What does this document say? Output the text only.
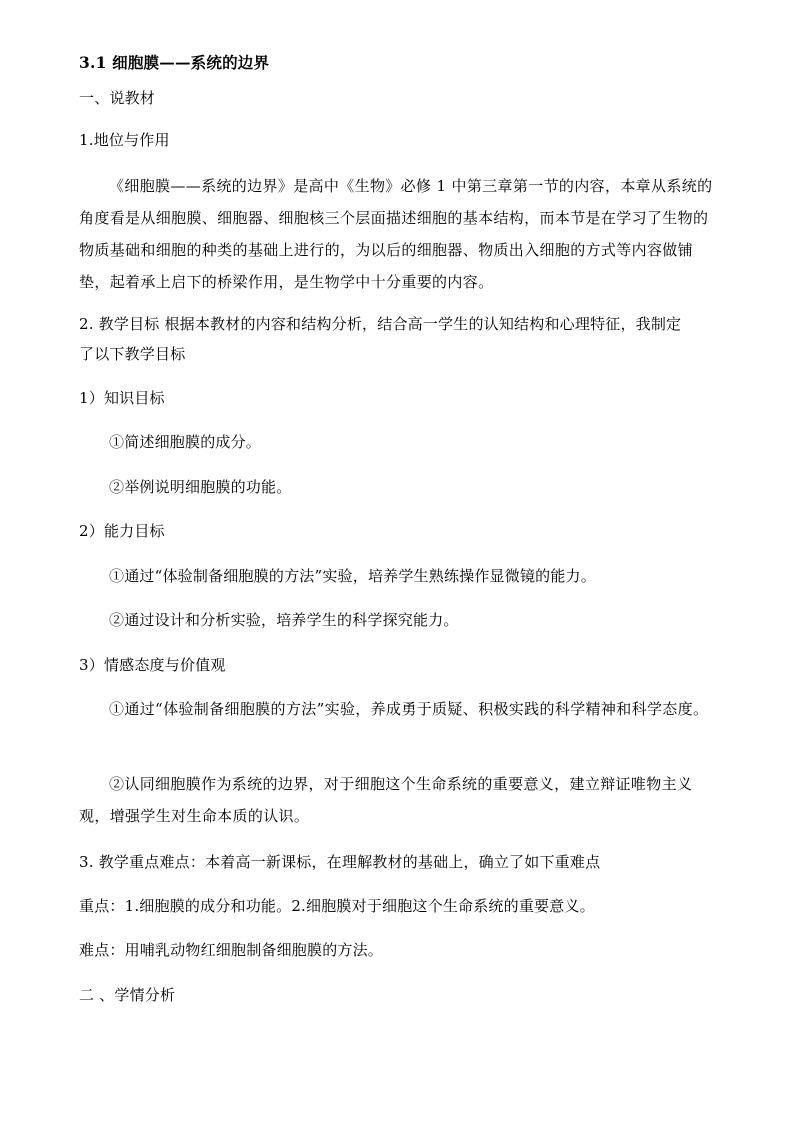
3.1 细胞膜——系统的边界
一、说教材
1.地位与作用
《细胞膜——系统的边界》是高中《生物》必修 1 中第三章第一节的内容，本章从系统的角度看是从细胞膜、细胞器、细胞核三个层面描述细胞的基本结构，而本节是在学习了生物的物质基础和细胞的种类的基础上进行的，为以后的细胞器、物质出入细胞的方式等内容做铺垫，起着承上启下的桥梁作用，是生物学中十分重要的内容。
2. 教学目标 根据本教材的内容和结构分析，结合高一学生的认知结构和心理特征，我制定
了以下教学目标
1）知识目标
①简述细胞膜的成分。
②举例说明细胞膜的功能。
2）能力目标
①通过“体验制备细胞膜的方法”实验，培养学生熟练操作显微镜的能力。
②通过设计和分析实验，培养学生的科学探究能力。
3）情感态度与价值观
①通过“体验制备细胞膜的方法”实验，养成勇于质疑、积极实践的科学精神和科学态度。
②认同细胞膜作为系统的边界，对于细胞这个生命系统的重要意义，建立辩证唯物主义观，增强学生对生命本质的认识。
3. 教学重点难点：本着高一新课标，在理解教材的基础上，确立了如下重难点
重点：1.细胞膜的成分和功能。2.细胞膜对于细胞这个生命系统的重要意义。
难点：用哺乳动物红细胞制备细胞膜的方法。
二 、学情分析
